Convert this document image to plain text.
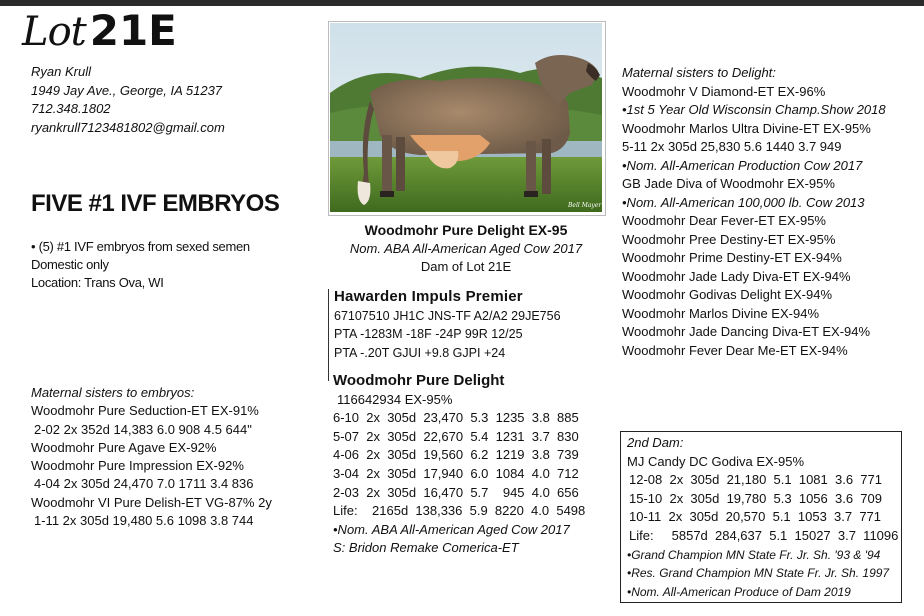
Lot21E
Ryan Krull
1949 Jay Ave., George, IA 51237
712.348.1802
ryankrull7123481802@gmail.com
FIVE #1 IVF EMBRYOS
• (5) #1 IVF embryos from sexed semen
Domestic only
Location: Trans Ova, WI
Maternal sisters to embryos:
Woodmohr Pure Seduction-ET EX-91%
2-02 2x 352d 14,383 6.0 908 4.5 644"
Woodmohr Pure Agave EX-92%
Woodmohr Pure Impression EX-92%
4-04 2x 305d 24,470 7.0 1711 3.4 836
Woodmohr VI Pure Delish-ET VG-87% 2y
1-11 2x 305d 19,480 5.6 1098 3.8 744
Bell Mayer
Woodmohr Pure Delight EX-95
Nom. ABA All-American Aged Cow 2017
Dam of Lot 21E
Hawarden Impuls Premier
67107510 JH1C JNS-TF A2/A2 29JE756
PTA -1283M -18F -24P 99R 12/25
PTA -.20T GJUI +9.8 GJPI +24
Woodmohr Pure Delight
116642934 EX-95%
6-10  2x  305d  23,470  5.3  1235  3.8  885
5-07  2x  305d  22,670  5.4  1231  3.7  830
4-06  2x  305d  19,560  6.2  1219  3.8  739
3-04  2x  305d  17,940  6.0  1084  4.0  712
2-03  2x  305d  16,470  5.7    945  4.0  656
Life:    2165d  138,336  5.9  8220  4.0  5498
•Nom. ABA All-American Aged Cow 2017
S: Bridon Remake Comerica-ET
Maternal sisters to Delight:
Woodmohr V Diamond-ET EX-96%
•1st 5 Year Old Wisconsin Champ.Show 2018
Woodmohr Marlos Ultra Divine-ET EX-95%
5-11 2x 305d 25,830 5.6 1440 3.7 949
•Nom. All-American Production Cow 2017
GB Jade Diva of Woodmohr EX-95%
•Nom. All-American 100,000 lb. Cow 2013
Woodmohr Dear Fever-ET EX-95%
Woodmohr Pree Destiny-ET EX-95%
Woodmohr Prime Destiny-ET EX-94%
Woodmohr Jade Lady Diva-ET EX-94%
Woodmohr Godivas Delight EX-94%
Woodmohr Marlos Divine EX-94%
Woodmohr Jade Dancing Diva-ET EX-94%
Woodmohr Fever Dear Me-ET EX-94%
2nd Dam:
MJ Candy DC Godiva EX-95%
12-08  2x  305d  21,180  5.1  1081  3.6  771
15-10  2x  305d  19,780  5.3  1056  3.6  709
10-11  2x  305d  20,570  5.1  1053  3.7  771
Life:     5857d  284,637  5.1  15027  3.7  11096
•Grand Champion MN State Fr. Jr. Sh. '93 & '94
•Res. Grand Champion MN State Fr. Jr. Sh. 1997
•Nom. All-American Produce of Dam 2019
